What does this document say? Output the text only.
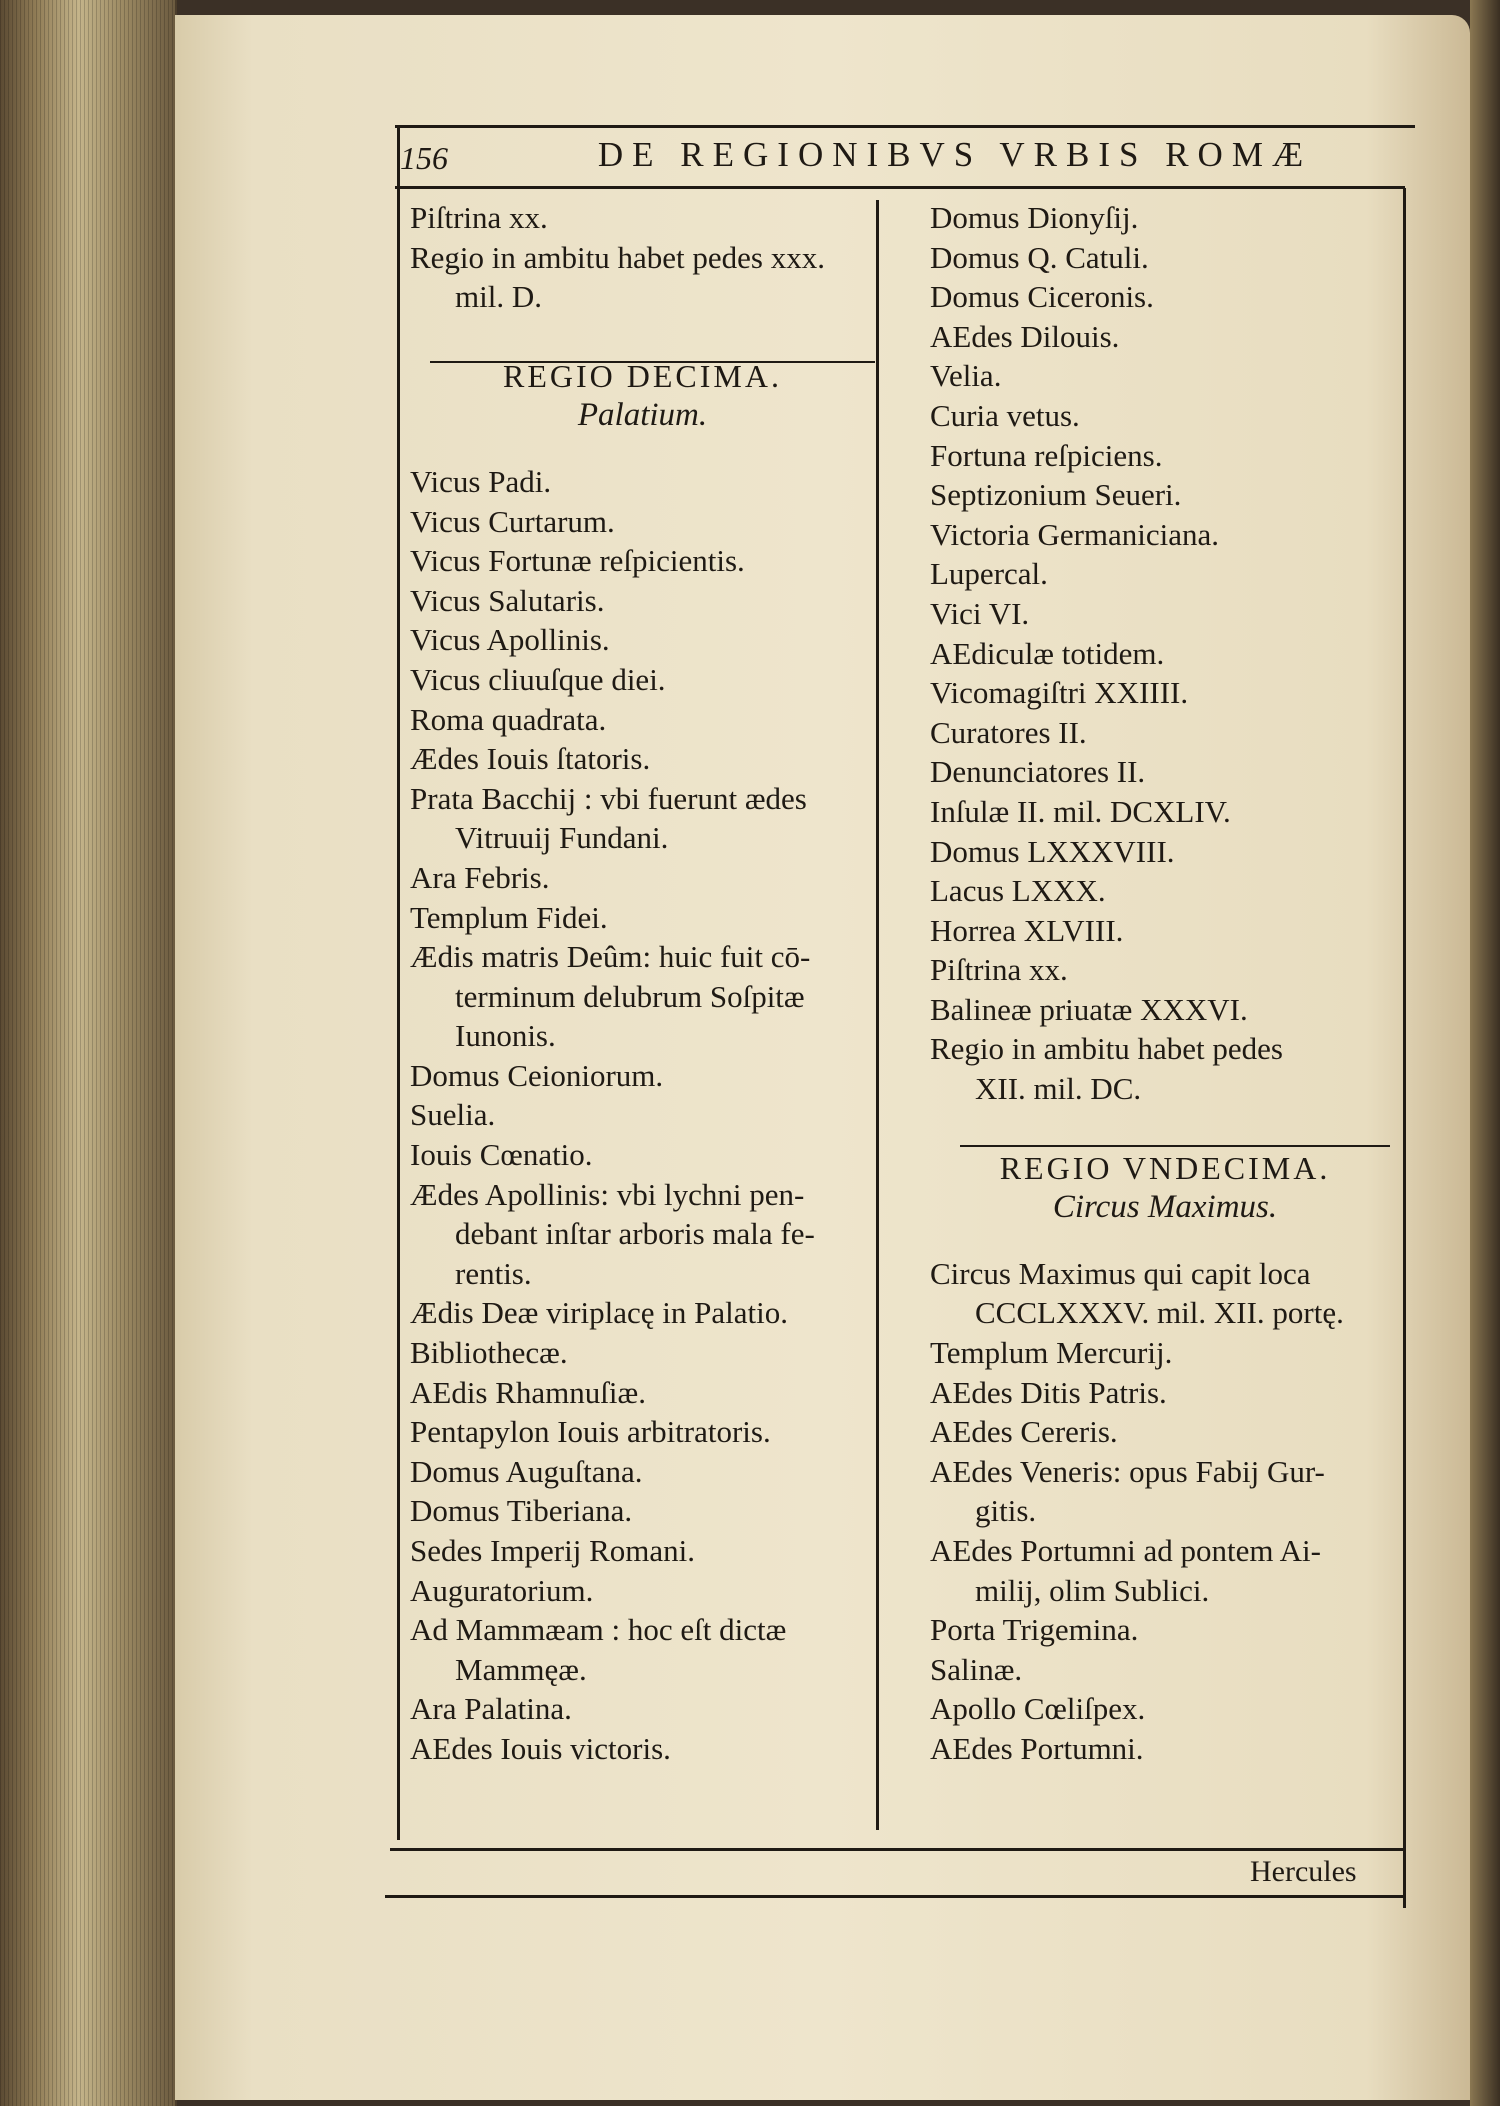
156	DE REGIONIBVS VRBIS ROMÆ
Piſtrina xx.
Regio in ambitu habet pedes xxx.
mil. D.
REGIO DECIMA.
Palatium.
Vicus Padi.
Vicus Curtarum.
Vicus Fortunæ reſpicientis.
Vicus Salutaris.
Vicus Apollinis.
Vicus cliuuſque diei.
Roma quadrata.
Ædes Iouis ſtatoris.
Prata Bacchij : vbi fuerunt ædes
Vitruuij Fundani.
Ara Febris.
Templum Fidei.
Ædis matris Deûm: huic fuit cō-
terminum delubrum Soſpitæ
Iunonis.
Domus Ceioniorum.
Suelia.
Iouis Cœnatio.
Ædes Apollinis: vbi lychni pen-
debant inſtar arboris mala fe-
rentis.
Ædis Deæ viriplacę in Palatio.
Bibliothecæ.
AEdis Rhamnuſiæ.
Pentapylon Iouis arbitratoris.
Domus Auguſtana.
Domus Tiberiana.
Sedes Imperij Romani.
Auguratorium.
Ad Mammæam : hoc eſt dictæ
Mammęæ.
Ara Palatina.
AEdes Iouis victoris.
Domus Dionyſij.
Domus Q. Catuli.
Domus Ciceronis.
AEdes Dilouis.
Velia.
Curia vetus.
Fortuna reſpiciens.
Septizonium Seueri.
Victoria Germaniciana.
Lupercal.
Vici VI.
AEdiculæ totidem.
Vicomagiſtri XXIIII.
Curatores II.
Denunciatores II.
Inſulæ II. mil. DCXLIV.
Domus LXXXVIII.
Lacus LXXX.
Horrea XLVIII.
Piſtrina xx.
Balineæ priuatæ XXXVI.
Regio in ambitu habet pedes
XII. mil. DC.
REGIO VNDECIMA.
Circus Maximus.
Circus Maximus qui capit loca
CCCLXXXV. mil. XII. portę.
Templum Mercurij.
AEdes Ditis Patris.
AEdes Cereris.
AEdes Veneris: opus Fabij Gur-
gitis.
AEdes Portumni ad pontem Ai-
milij, olim Sublici.
Porta Trigemina.
Salinæ.
Apollo Cœliſpex.
AEdes Portumni.
Hercules
